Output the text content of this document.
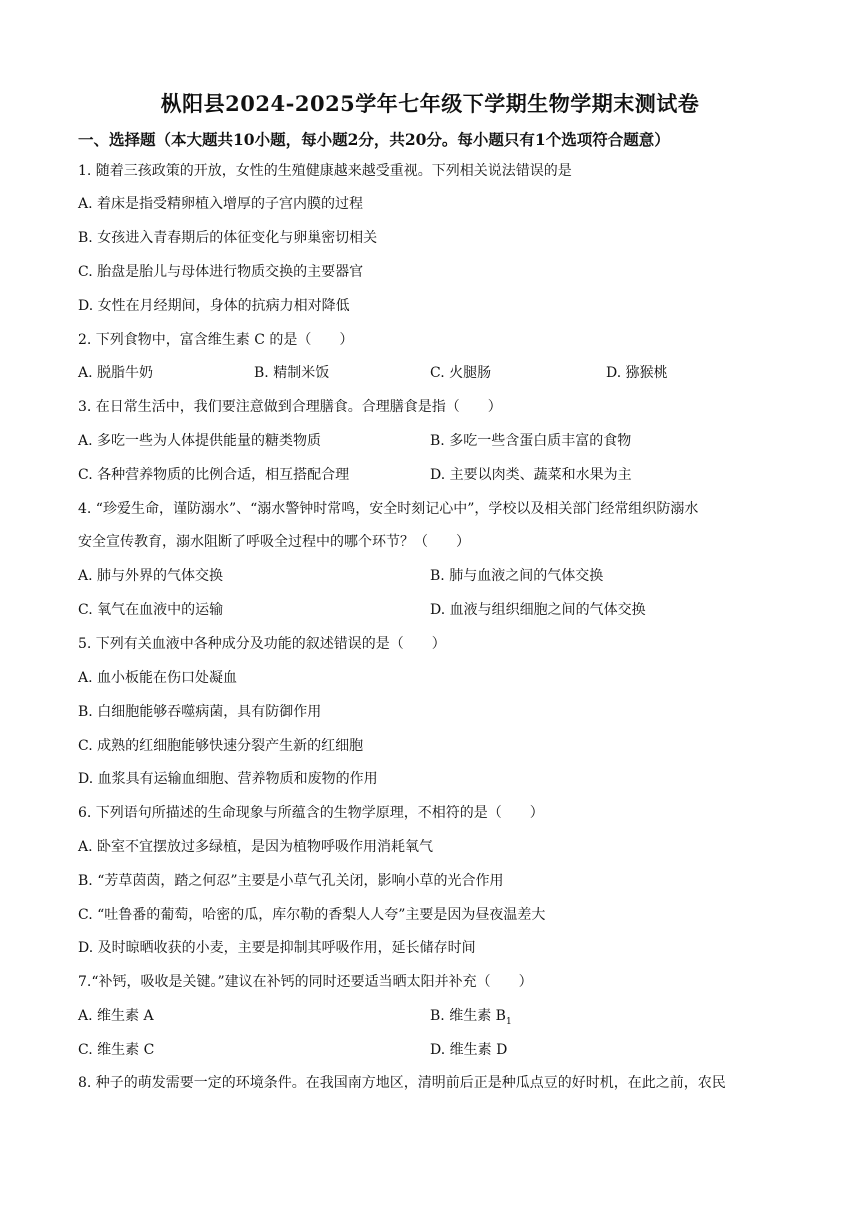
枞阳县2024-2025学年七年级下学期生物学期末测试卷
一、选择题（本大题共10小题，每小题2分，共20分。每小题只有1个选项符合题意）
1. 随着三孩政策的开放，女性的生殖健康越来越受重视。下列相关说法错误的是
A. 着床是指受精卵植入增厚的子宫内膜的过程
B. 女孩进入青春期后的体征变化与卵巢密切相关
C. 胎盘是胎儿与母体进行物质交换的主要器官
D. 女性在月经期间，身体的抗病力相对降低
2. 下列食物中，富含维生素 C 的是（　　）
A. 脱脂牛奶	B. 精制米饭	C. 火腿肠	D. 猕猴桃
3. 在日常生活中，我们要注意做到合理膳食。合理膳食是指（　　）
A. 多吃一些为人体提供能量的糖类物质	B. 多吃一些含蛋白质丰富的食物
C. 各种营养物质的比例合适，相互搭配合理	D. 主要以肉类、蔬菜和水果为主
4. “珍爱生命，谨防溺水”、“溺水警钟时常鸣，安全时刻记心中”，学校以及相关部门经常组织防溺水
安全宣传教育，溺水阻断了呼吸全过程中的哪个环节？（　　）
A. 肺与外界的气体交换	B. 肺与血液之间的气体交换
C. 氧气在血液中的运输	D. 血液与组织细胞之间的气体交换
5. 下列有关血液中各种成分及功能的叙述错误的是（　　）
A. 血小板能在伤口处凝血
B. 白细胞能够吞噬病菌，具有防御作用
C. 成熟的红细胞能够快速分裂产生新的红细胞
D. 血浆具有运输血细胞、营养物质和废物的作用
6. 下列语句所描述的生命现象与所蕴含的生物学原理，不相符的是（　　）
A. 卧室不宜摆放过多绿植，是因为植物呼吸作用消耗氧气
B. “芳草茵茵，踏之何忍”主要是小草气孔关闭，影响小草的光合作用
C. “吐鲁番的葡萄，哈密的瓜，库尔勒的香梨人人夸”主要是因为昼夜温差大
D. 及时晾晒收获的小麦，主要是抑制其呼吸作用，延长储存时间
7.“补钙，吸收是关键。”建议在补钙的同时还要适当晒太阳并补充（　　）
A. 维生素 A	B. 维生素 $B_1$
C. 维生素 C	D. 维生素 D
8. 种子的萌发需要一定的环境条件。在我国南方地区，清明前后正是种瓜点豆的好时机，在此之前，农民
